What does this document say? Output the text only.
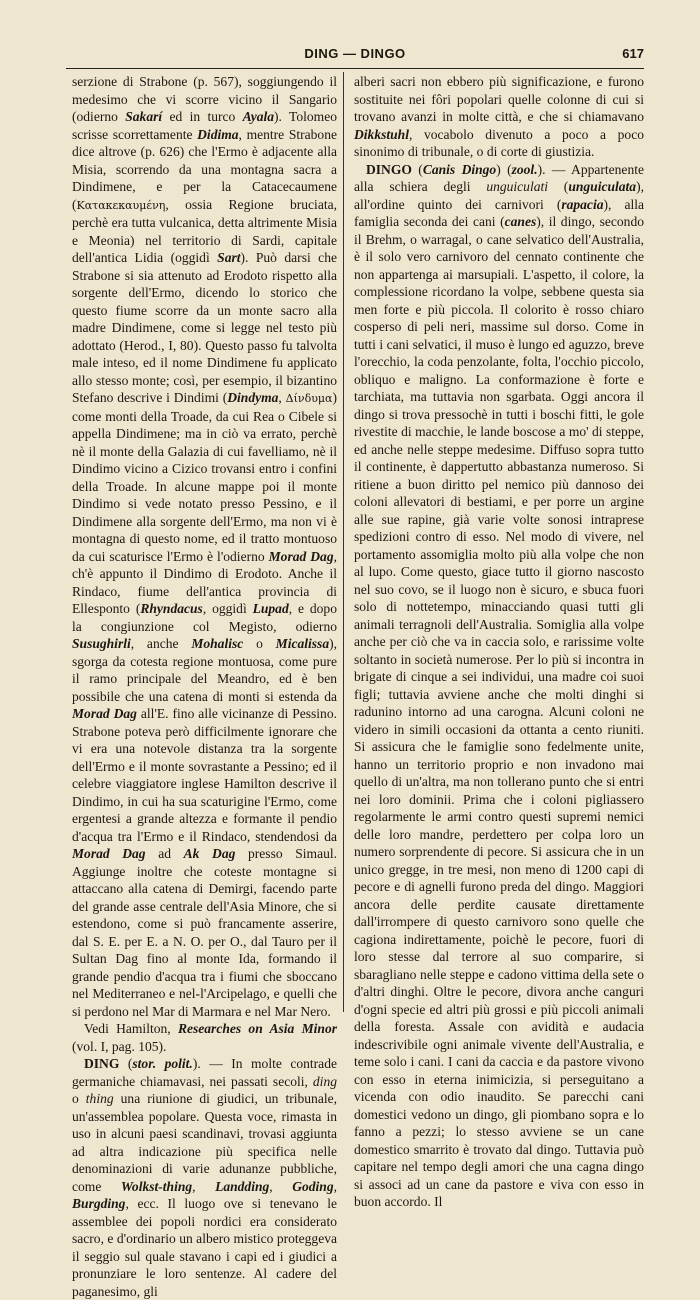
DING — DINGO	617

serzione di Strabone (p. 567), soggiungendo il medesimo che vi scorre vicino il Sangario (odierno Sakarí ed in turco Ayala). Tolomeo scrisse scorrettamente Didima, mentre Strabone dice altrove (p. 626) che l'Ermo è adjacente alla Misia, scorrendo da una montagna sacra a Dindimene, e per la Catacecaumene (Κατακεκαυμένη, ossia Regione bruciata, perchè era tutta vulcanica, detta altrimente Misia e Meonia) nel territorio di Sardi, capitale dell'antica Lidia (oggidì Sart). Può darsi che Strabone si sia attenuto ad Erodoto rispetto alla sorgente dell'Ermo, dicendo lo storico che questo fiume scorre da un monte sacro alla madre Dindimene, come si legge nel testo più adottato (Herod., I, 80). Questo passo fu talvolta male inteso, ed il nome Dindimene fu applicato allo stesso monte; così, per esempio, il bizantino Stefano descrive i Dindimi (Dindyma, Δίνδυμα) come monti della Troade, da cui Rea o Cibele si appella Dindimene; ma in ciò va errato, perchè nè il monte della Galazia di cui favelliamo, nè il Dindimo vicino a Cizico trovansi entro i confini della Troade. In alcune mappe poi il monte Dindimo si vede notato presso Pessino, e il Dindimene alla sorgente dell'Ermo, ma non vi è montagna di questo nome, ed il tratto montuoso da cui scaturisce l'Ermo è l'odierno Morad Dag, ch'è appunto il Dindimo di Erodoto. Anche il Rindaco, fiume dell'antica provincia di Ellesponto (Rhyndacus, oggidì Lupad, e dopo la congiunzione col Megisto, odierno Susughirli, anche Mohalisc o Micalissa), sgorga da cotesta regione montuosa, come pure il ramo principale del Meandro, ed è ben possibile che una catena di monti si estenda da Morad Dag all'E. fino alle vicinanze di Pessino. Strabone poteva però difficilmente ignorare che vi era una notevole distanza tra la sorgente dell'Ermo e il monte sovrastante a Pessino; ed il celebre viaggiatore inglese Hamilton descrive il Dindimo, in cui ha sua scaturigine l'Ermo, come ergentesi a grande altezza e formante il pendio d'acqua tra l'Ermo e il Rindaco, stendendosi da Morad Dag ad Ak Dag presso Simaul. Aggiunge inoltre che coteste montagne si attaccano alla catena di Demirgi, facendo parte del grande asse centrale dell'Asia Minore, che si estendono, come si può francamente asserire, dal S. E. per E. a N. O. per O., dal Tauro per il Sultan Dag fino al monte Ida, formando il grande pendio d'acqua tra i fiumi che sboccano nel Mediterraneo e nel-l'Arcipelago, e quelli che si perdono nel Mar di Marmara e nel Mar Nero.

Vedi Hamilton, Researches on Asia Minor (vol. I, pag. 105).

DING (stor. polit.). — In molte contrade germaniche chiamavasi, nei passati secoli, ding o thing una riunione di giudici, un tribunale, un'assemblea popolare. Questa voce, rimasta in uso in alcuni paesi scandinavi, trovasi aggiunta ad altra indicazione più specifica nelle denominazioni di varie adunanze pubbliche, come Wolkst-thing, Landding, Goding, Burgding, ecc. Il luogo ove si tenevano le assemblee dei popoli nordici era considerato sacro, e d'ordinario un albero mistico proteggeva il seggio sul quale stavano i capi ed i giudici a pronunziare le loro sentenze. Al cadere del paganesimo, gli

alberi sacri non ebbero più significazione, e furono sostituite nei fôri popolari quelle colonne di cui si trovano avanzi in molte città, e che si chiamavano Dikkstuhl, vocabolo divenuto a poco a poco sinonimo di tribunale, o di corte di giustizia.

DINGO (Canis Dingo) (zool.). — Appartenente alla schiera degli unguiculati (unguiculata), all'ordine quinto dei carnivori (rapacia), alla famiglia seconda dei cani (canes), il dingo, secondo il Brehm, o warragal, o cane selvatico dell'Australia, è il solo vero carnivoro del cennato continente che non appartenga ai marsupiali. L'aspetto, il colore, la complessione ricordano la volpe, sebbene questa sia men forte e più piccola. Il colorito è rosso chiaro cosperso di peli neri, massime sul dorso. Come in tutti i cani selvatici, il muso è lungo ed aguzzo, breve l'orecchio, la coda penzolante, folta, l'occhio piccolo, obliquo e maligno. La conformazione è forte e tarchiata, ma tuttavia non sgarbata. Oggi ancora il dingo si trova pressochè in tutti i boschi fitti, le gole rivestite di macchie, le lande boscose a mo' di steppe, ed anche nelle steppe medesime. Diffuso sopra tutto il continente, è dappertutto abbastanza numeroso. Si ritiene a buon diritto pel nemico più dannoso dei coloni allevatori di bestiami, e per porre un argine alle sue rapine, già varie volte sonosi intraprese spedizioni contro di esso. Nel modo di vivere, nel portamento assomiglia molto più alla volpe che non al lupo. Come questo, giace tutto il giorno nascosto nel suo covo, se il luogo non è sicuro, e sbuca fuori solo di nottetempo, minacciando quasi tutti gli animali terragnoli dell'Australia. Somiglia alla volpe anche per ciò che va in caccia solo, e rarissime volte soltanto in società numerose. Per lo più si incontra in brigate di cinque a sei individui, una madre coi suoi figli; tuttavia avviene anche che molti dinghi si radunino intorno ad una carogna. Alcuni coloni ne videro in simili occasioni da ottanta a cento riuniti. Si assicura che le famiglie sono fedelmente unite, hanno un territorio proprio e non invadono mai quello di un'altra, ma non tollerano punto che si entri nei loro dominii. Prima che i coloni pigliassero regolarmente le armi contro questi supremi nemici delle loro mandre, perdettero per colpa loro un numero sorprendente di pecore. Si assicura che in un unico gregge, in tre mesi, non meno di 1200 capi di pecore e di agnelli furono preda del dingo. Maggiori ancora delle perdite causate direttamente dall'irrompere di questo carnivoro sono quelle che cagiona indirettamente, poichè le pecore, fuori di loro stesse dal terrore al suo comparire, si sbaragliano nelle steppe e cadono vittima della sete o d'altri dinghi. Oltre le pecore, divora anche canguri d'ogni specie ed altri più grossi e più piccoli animali della foresta. Assale con avidità e audacia indescrivibile ogni animale vivente dell'Australia, e teme solo i cani. I cani da caccia e da pastore vivono con esso in eterna inimicizia, si perseguitano a vicenda con odio inaudito. Se parecchi cani domestici vedono un dingo, gli piombano sopra e lo fanno a pezzi; lo stesso avviene se un cane domestico smarrito è trovato dal dingo. Tuttavia può capitare nel tempo degli amori che una cagna dingo si associ ad un cane da pastore e viva con esso in buon accordo. Il
